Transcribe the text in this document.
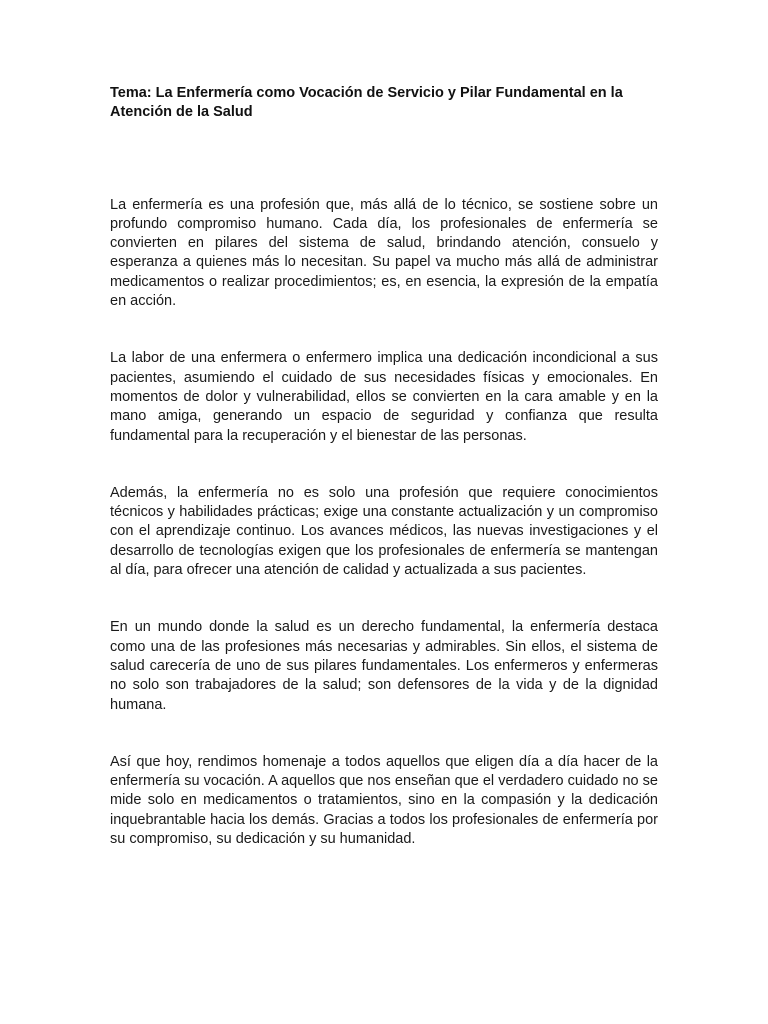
Tema: La Enfermería como Vocación de Servicio y Pilar Fundamental en la Atención de la Salud

La enfermería es una profesión que, más allá de lo técnico, se sostiene sobre un profundo compromiso humano. Cada día, los profesionales de enfermería se convierten en pilares del sistema de salud, brindando atención, consuelo y esperanza a quienes más lo necesitan. Su papel va mucho más allá de administrar medicamentos o realizar procedimientos; es, en esencia, la expresión de la empatía en acción.

La labor de una enfermera o enfermero implica una dedicación incondicional a sus pacientes, asumiendo el cuidado de sus necesidades físicas y emocionales. En momentos de dolor y vulnerabilidad, ellos se convierten en la cara amable y en la mano amiga, generando un espacio de seguridad y confianza que resulta fundamental para la recuperación y el bienestar de las personas.

Además, la enfermería no es solo una profesión que requiere conocimientos técnicos y habilidades prácticas; exige una constante actualización y un compromiso con el aprendizaje continuo. Los avances médicos, las nuevas investigaciones y el desarrollo de tecnologías exigen que los profesionales de enfermería se mantengan al día, para ofrecer una atención de calidad y actualizada a sus pacientes.

En un mundo donde la salud es un derecho fundamental, la enfermería destaca como una de las profesiones más necesarias y admirables. Sin ellos, el sistema de salud carecería de uno de sus pilares fundamentales. Los enfermeros y enfermeras no solo son trabajadores de la salud; son defensores de la vida y de la dignidad humana.

Así que hoy, rendimos homenaje a todos aquellos que eligen día a día hacer de la enfermería su vocación. A aquellos que nos enseñan que el verdadero cuidado no se mide solo en medicamentos o tratamientos, sino en la compasión y la dedicación inquebrantable hacia los demás. Gracias a todos los profesionales de enfermería por su compromiso, su dedicación y su humanidad.
